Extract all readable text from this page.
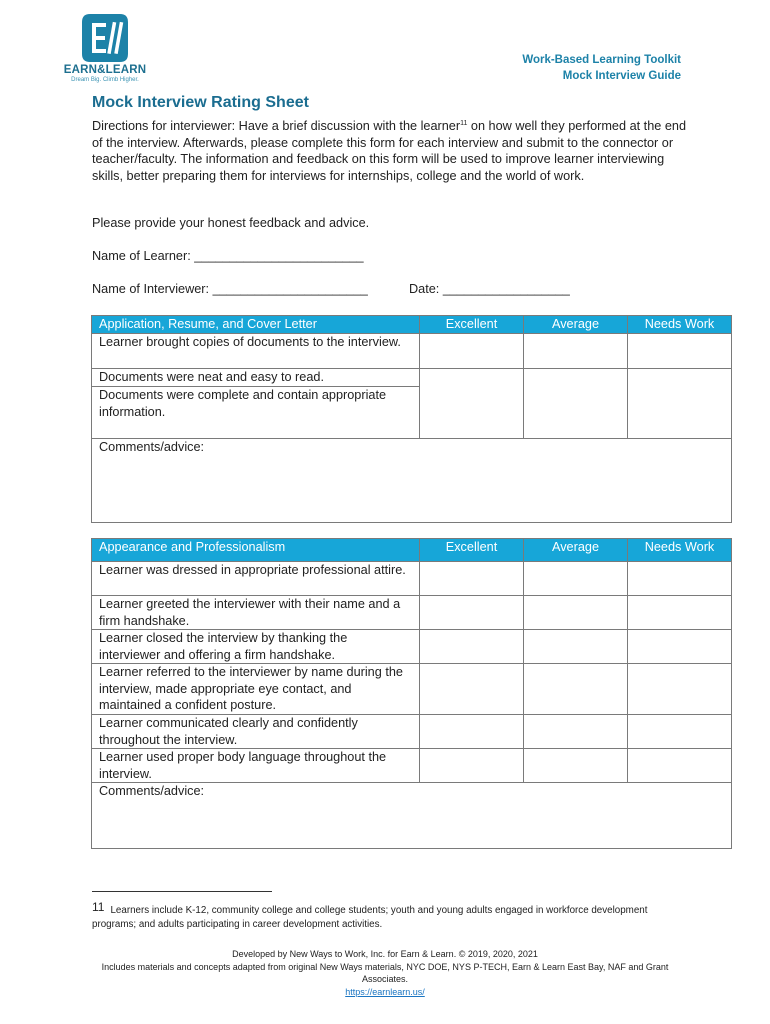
EARN&LEARN
Dream Big. Climb Higher.
Work-Based Learning Toolkit
Mock Interview Guide
Mock Interview Rating Sheet
Directions for interviewer: Have a brief discussion with the learner$^{11}$ on how well they performed at the end of the interview. Afterwards, please complete this form for each interview and submit to the connector or teacher/faculty. The information and feedback on this form will be used to improve learner interviewing skills, better preparing them for interviews for internships, college and the world of work.
Please provide your honest feedback and advice.
Name of Learner: ________________________
Name of Interviewer: ______________________	Date: __________________
Application, Resume, and Cover Letter	Excellent	Average	Needs Work
Learner brought copies of documents to the interview.			
Documents were neat and easy to read.			
Documents were complete and contain appropriate information.			
Comments/advice:			
Appearance and Professionalism	Excellent	Average	Needs Work
Learner was dressed in appropriate professional attire.			
Learner greeted the interviewer with their name and a firm handshake.			
Learner closed the interview by thanking the interviewer and offering a firm handshake.			
Learner referred to the interviewer by name during the interview, made appropriate eye contact, and maintained a confident posture.			
Learner communicated clearly and confidently throughout the interview.			
Learner used proper body language throughout the interview.			
Comments/advice:			
11 Learners include K-12, community college and college students; youth and young adults engaged in workforce development programs; and adults participating in career development activities.
Developed by New Ways to Work, Inc. for Earn & Learn. © 2019, 2020, 2021
Includes materials and concepts adapted from original New Ways materials, NYC DOE, NYS P-TECH, Earn & Learn East Bay, NAF and Grant Associates.
https://earnlearn.us/
